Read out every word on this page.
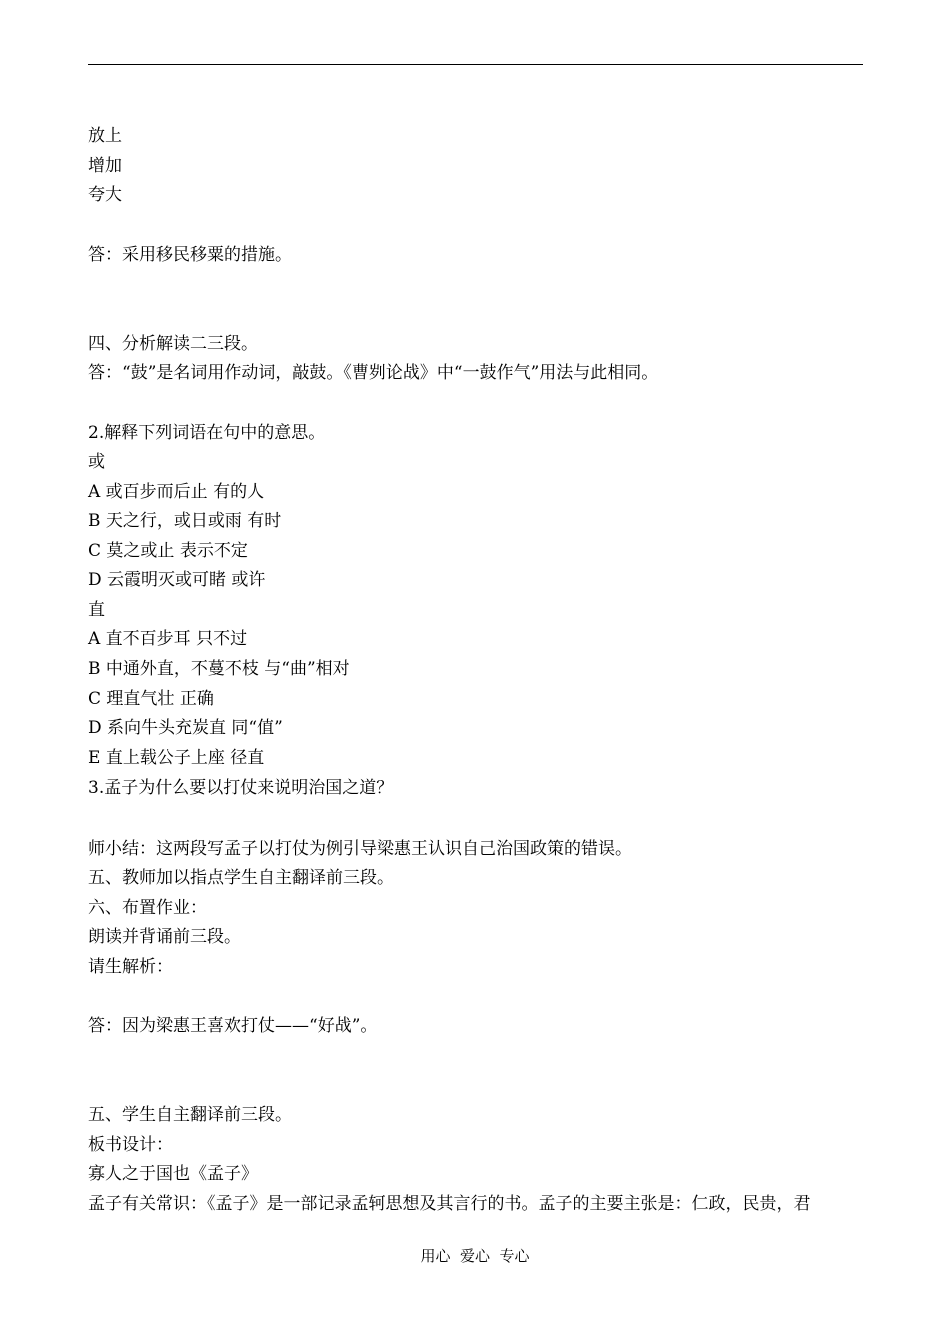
放上
增加
夸大
答：采用移民移粟的措施。
四、分析解读二三段。
答：“鼓”是名词用作动词，敲鼓。《曹刿论战》中“一鼓作气”用法与此相同。
2.解释下列词语在句中的意思。
或
A 或百步而后止 有的人
B 天之行，或日或雨 有时
C 莫之或止 表示不定
D 云霞明灭或可睹 或许
直
A 直不百步耳 只不过
B 中通外直，不蔓不枝 与“曲”相对
C 理直气壮 正确
D 系向牛头充炭直 同“值”
E 直上载公子上座 径直
3.孟子为什么要以打仗来说明治国之道？
师小结：这两段写孟子以打仗为例引导梁惠王认识自己治国政策的错误。
五、教师加以指点学生自主翻译前三段。
六、布置作业：
朗读并背诵前三段。
请生解析：
答：因为梁惠王喜欢打仗——“好战”。
五、学生自主翻译前三段。
板书设计：
寡人之于国也《孟子》
孟子有关常识：《孟子》是一部记录孟轲思想及其言行的书。孟子的主要主张是：仁政，民贵，君
用心  爱心  专心
